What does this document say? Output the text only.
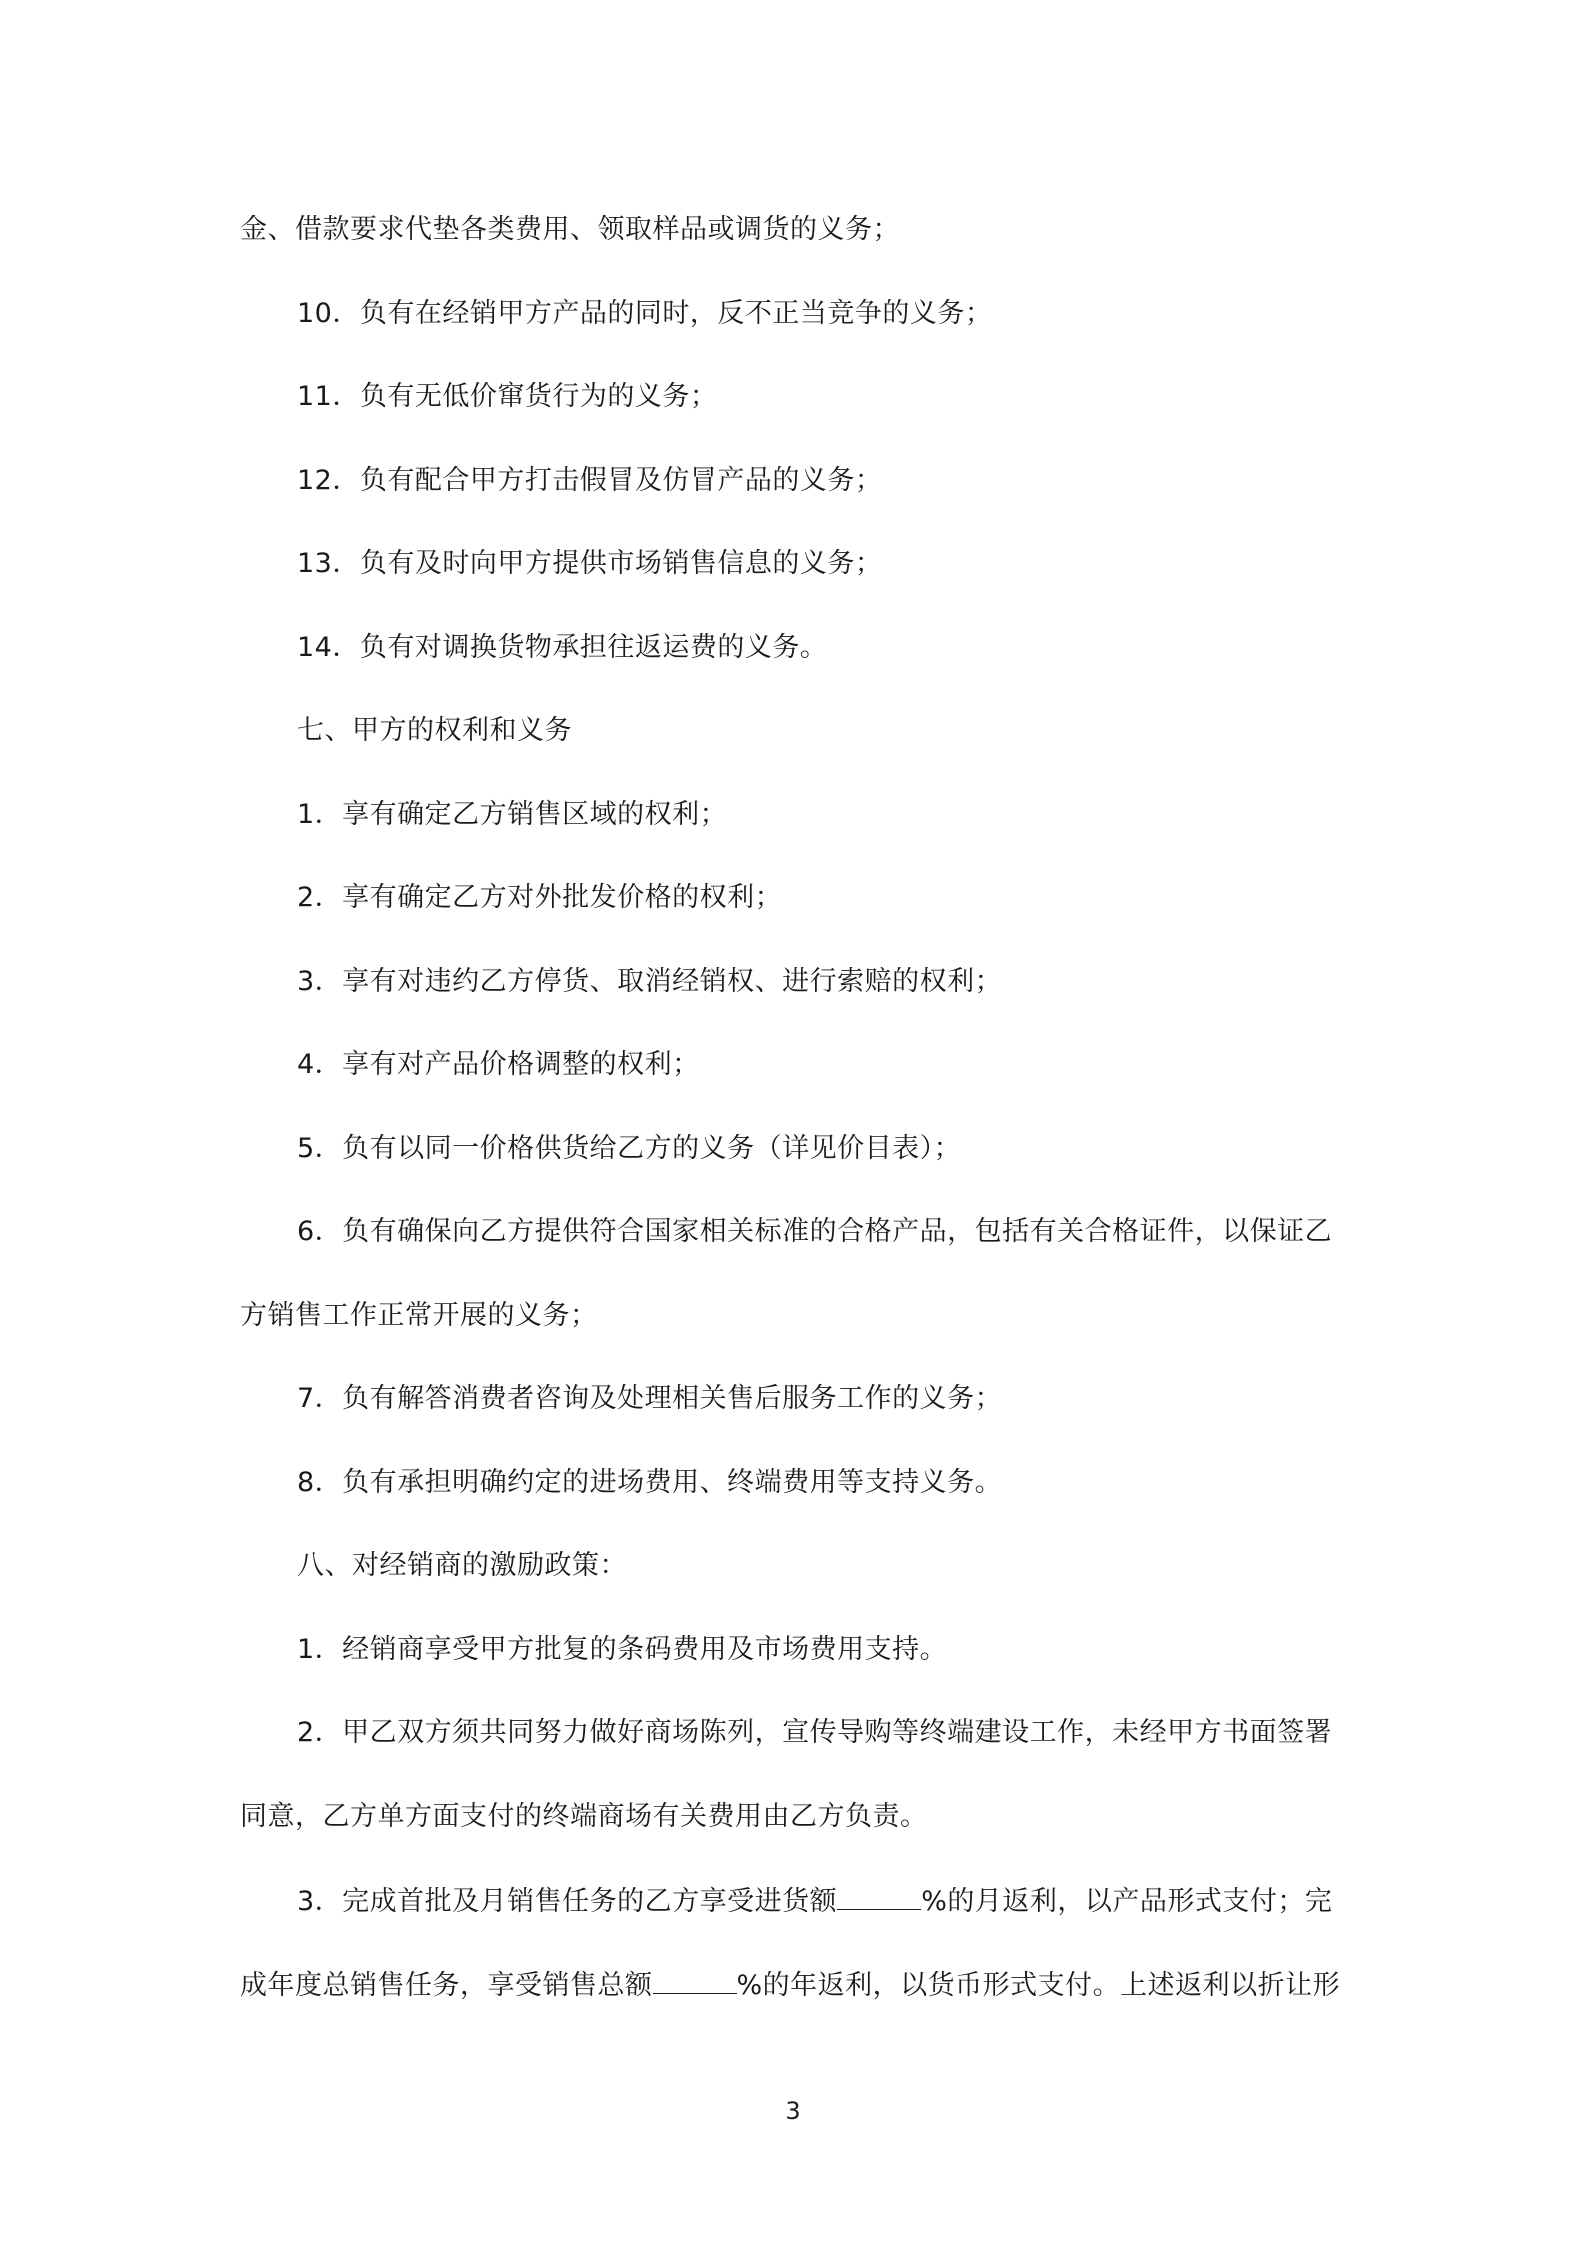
金、借款要求代垫各类费用、领取样品或调货的义务；
10．负有在经销甲方产品的同时，反不正当竞争的义务；
11．负有无低价窜货行为的义务；
12．负有配合甲方打击假冒及仿冒产品的义务；
13．负有及时向甲方提供市场销售信息的义务；
14．负有对调换货物承担往返运费的义务。
七、甲方的权利和义务
1．享有确定乙方销售区域的权利；
2．享有确定乙方对外批发价格的权利；
3．享有对违约乙方停货、取消经销权、进行索赔的权利；
4．享有对产品价格调整的权利；
5．负有以同一价格供货给乙方的义务（详见价目表）；
6．负有确保向乙方提供符合国家相关标准的合格产品，包括有关合格证件，以保证乙
方销售工作正常开展的义务；
7．负有解答消费者咨询及处理相关售后服务工作的义务；
8．负有承担明确约定的进场费用、终端费用等支持义务。
八、对经销商的激励政策：
1．经销商享受甲方批复的条码费用及市场费用支持。
2．甲乙双方须共同努力做好商场陈列，宣传导购等终端建设工作，未经甲方书面签署
同意，乙方单方面支付的终端商场有关费用由乙方负责。
3．完成首批及月销售任务的乙方享受进货额	%的月返利，以产品形式支付；完
成年度总销售任务，享受销售总额	%的年返利，以货币形式支付。上述返利以折让形
3
